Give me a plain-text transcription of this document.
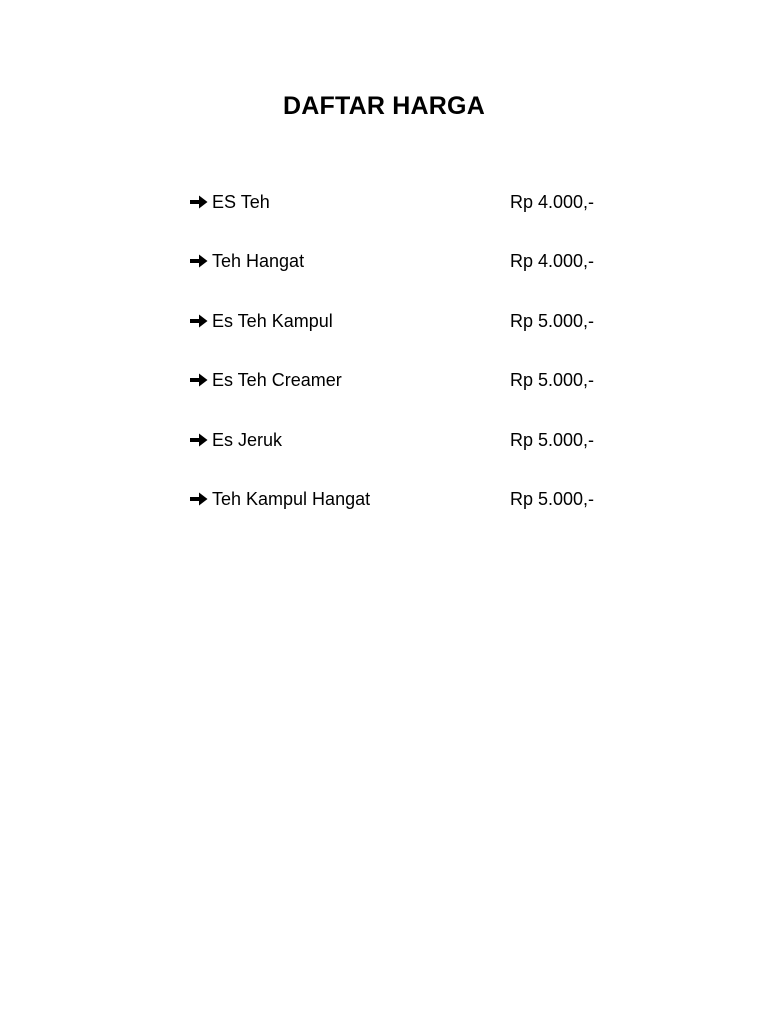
DAFTAR HARGA
ES Teh	Rp 4.000,-
Teh Hangat	Rp 4.000,-
Es Teh Kampul	Rp 5.000,-
Es Teh Creamer	Rp 5.000,-
Es Jeruk	Rp 5.000,-
Teh Kampul Hangat	Rp 5.000,-
